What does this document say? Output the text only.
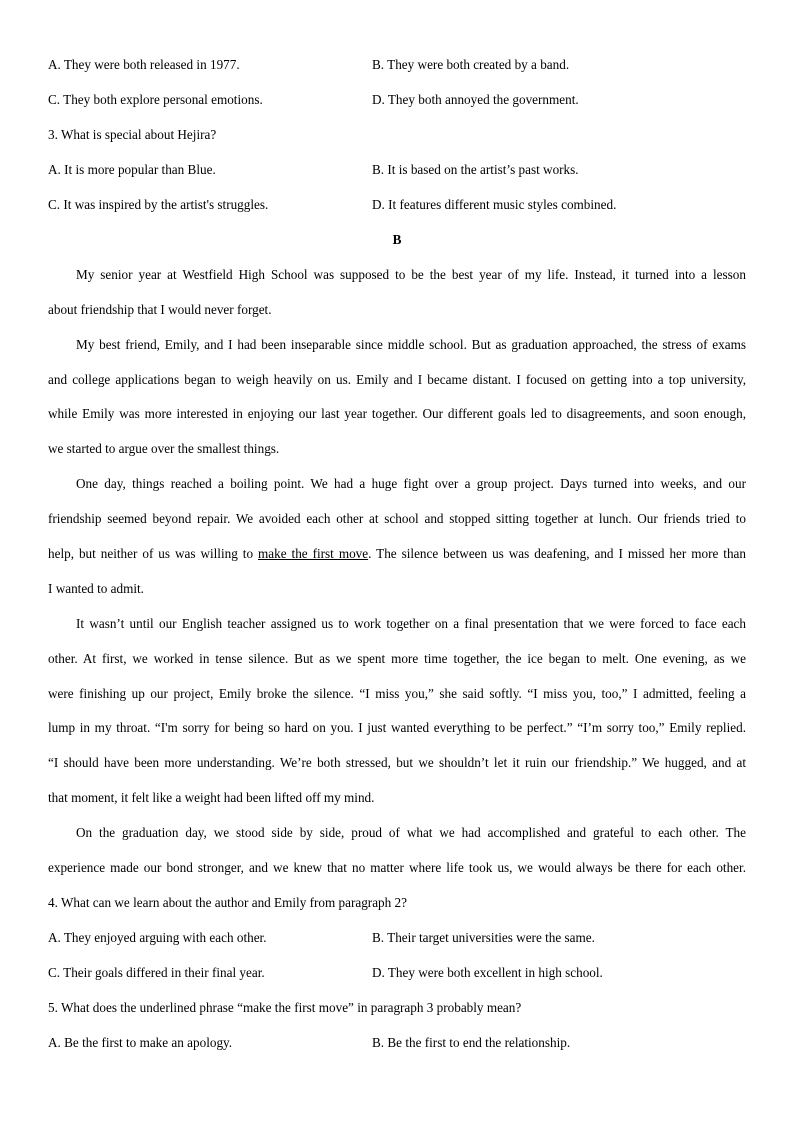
A. They were both released in 1977.	B. They were both created by a band.
C. They both explore personal emotions.	D. They both annoyed the government.
3. What is special about Hejira?
A. It is more popular than Blue.	B. It is based on the artist’s past works.
C. It was inspired by the artist's struggles.	D. It features different music styles combined.
B
My senior year at Westfield High School was supposed to be the best year of my life. Instead, it turned into a lesson
about friendship that I would never forget.
My best friend, Emily, and I had been inseparable since middle school. But as graduation approached, the stress of exams
and college applications began to weigh heavily on us. Emily and I became distant. I focused on getting into a top university,
while Emily was more interested in enjoying our last year together. Our different goals led to disagreements, and soon enough,
we started to argue over the smallest things.
One day, things reached a boiling point. We had a huge fight over a group project. Days turned into weeks, and our
friendship seemed beyond repair. We avoided each other at school and stopped sitting together at lunch. Our friends tried to
help, but neither of us was willing to make the first move. The silence between us was deafening, and I missed her more than
I wanted to admit.
It wasn’t until our English teacher assigned us to work together on a final presentation that we were forced to face each
other. At first, we worked in tense silence. But as we spent more time together, the ice began to melt. One evening, as we
were finishing up our project, Emily broke the silence. “I miss you,” she said softly. “I miss you, too,” I admitted, feeling a
lump in my throat. “I'm sorry for being so hard on you. I just wanted everything to be perfect.” “I’m sorry too,” Emily replied.
“I should have been more understanding. We’re both stressed, but we shouldn’t let it ruin our friendship.” We hugged, and at
that moment, it felt like a weight had been lifted off my mind.
On the graduation day, we stood side by side, proud of what we had accomplished and grateful to each other. The
experience made our bond stronger, and we knew that no matter where life took us, we would always be there for each other.
4. What can we learn about the author and Emily from paragraph 2?
A. They enjoyed arguing with each other.	B. Their target universities were the same.
C. Their goals differed in their final year.	D. They were both excellent in high school.
5. What does the underlined phrase “make the first move” in paragraph 3 probably mean?
A. Be the first to make an apology.	B. Be the first to end the relationship.
